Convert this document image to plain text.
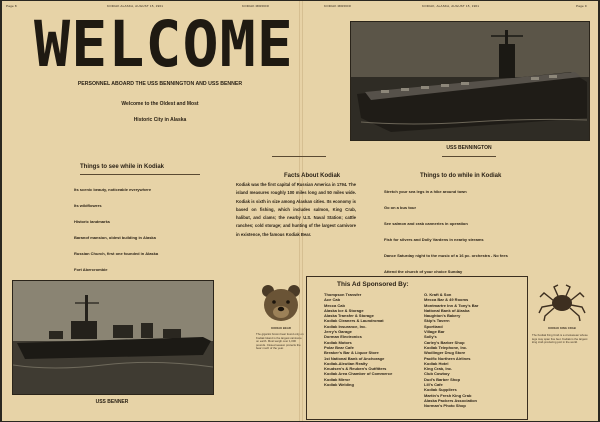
Page 8	KODIAK ALASKA, AUGUST 15, 1961	KODIAK MIRROR	KODIAK MIRROR	KODIAK, ALASKA, AUGUST 15, 1961	Page 9
WELCOME
PERSONNEL ABOARD THE USS BENNINGTON AND USS BENNER
Welcome to the Oldest and Most
Historic City in Alaska
USS BENNINGTON
Things to see while in Kodiak
Its scenic beauty, noticeable everywhere
Its wildflowers
Historic landmarks
Baranof mansion, oldest building in Alaska
Russian Church, first one founded in Alaska
Fort Abercrombie
Facts About Kodiak
Kodiak was the first capital of Russian America in 1794. The island measures roughly 100 miles long and 50 miles wide. Kodiak is sixth in size among Alaskan cities. Its economy is based on fishing, which includes salmon, King Crab, halibut, and clams; the nearby U.S. Naval Station; cattle ranches; cold storage; and hunting of the largest carnivore in existence, the famous Kodiak Bear.
Things to do while in Kodiak
Stretch your sea legs in a hike around town
Go on a bus tour
See salmon and crab canneries in operation
Fish for silvers and Dolly Vardens in nearby streams
Dance Saturday night to the music of a 16 pc. orchestra - No fees
Attend the church of your choice Sunday
USS BENNER
KODIAK BEAR
The gigantic brown bear found only on Kodiak Island is the largest carnivore on earth. Most weigh over 1,000 pounds. Closed season protects the bear much of the year.
This Ad Sponsored By:
Thompson Transfer
Ace Cab
Mecca Cab
Alaska Ice & Storage
Alaska Transfer & Storage
Kodiak Cleaners & Laundromat
Kodiak Insurance, Inc.
Jerry's Garage
Dorman Electronics
Kodiak Motors
Polar Bear Cafe
Breaker's Bar & Liquor Store
1st National Bank of Anchorage
Kodiak-Aleutian Realty
Knudsen's & Reuben's Outfitters
Kodiak Area Chamber of Commerce
Kodiak Mirror
Kodiak Welding
O. Kraft & Son
Mecca Bar & 49 Rooms
Montmartre Inn & Tony's Bar
National Bank of Alaska
Naughton's Bakery
Skip's Tavern
Sportland
Village Bar
Solly's
Carley's Barber Shop
Kodiak Telephone, Inc.
Wodlinger Drug Store
Pacific Northern Airlines
Kodiak Hotel
King Crab, Inc.
Club Cowboy
Dud's Barber Shop
Lill's Cafe
Kodiak Suppliers
Martin's Fresh King Crab
Alaska Packers Association
Norman's Photo Shop
KODIAK KING CRAB
The Kodiak King Crab is a crustacean whose legs may span five feet. Kodiak is the largest king crab producing port in the world.
